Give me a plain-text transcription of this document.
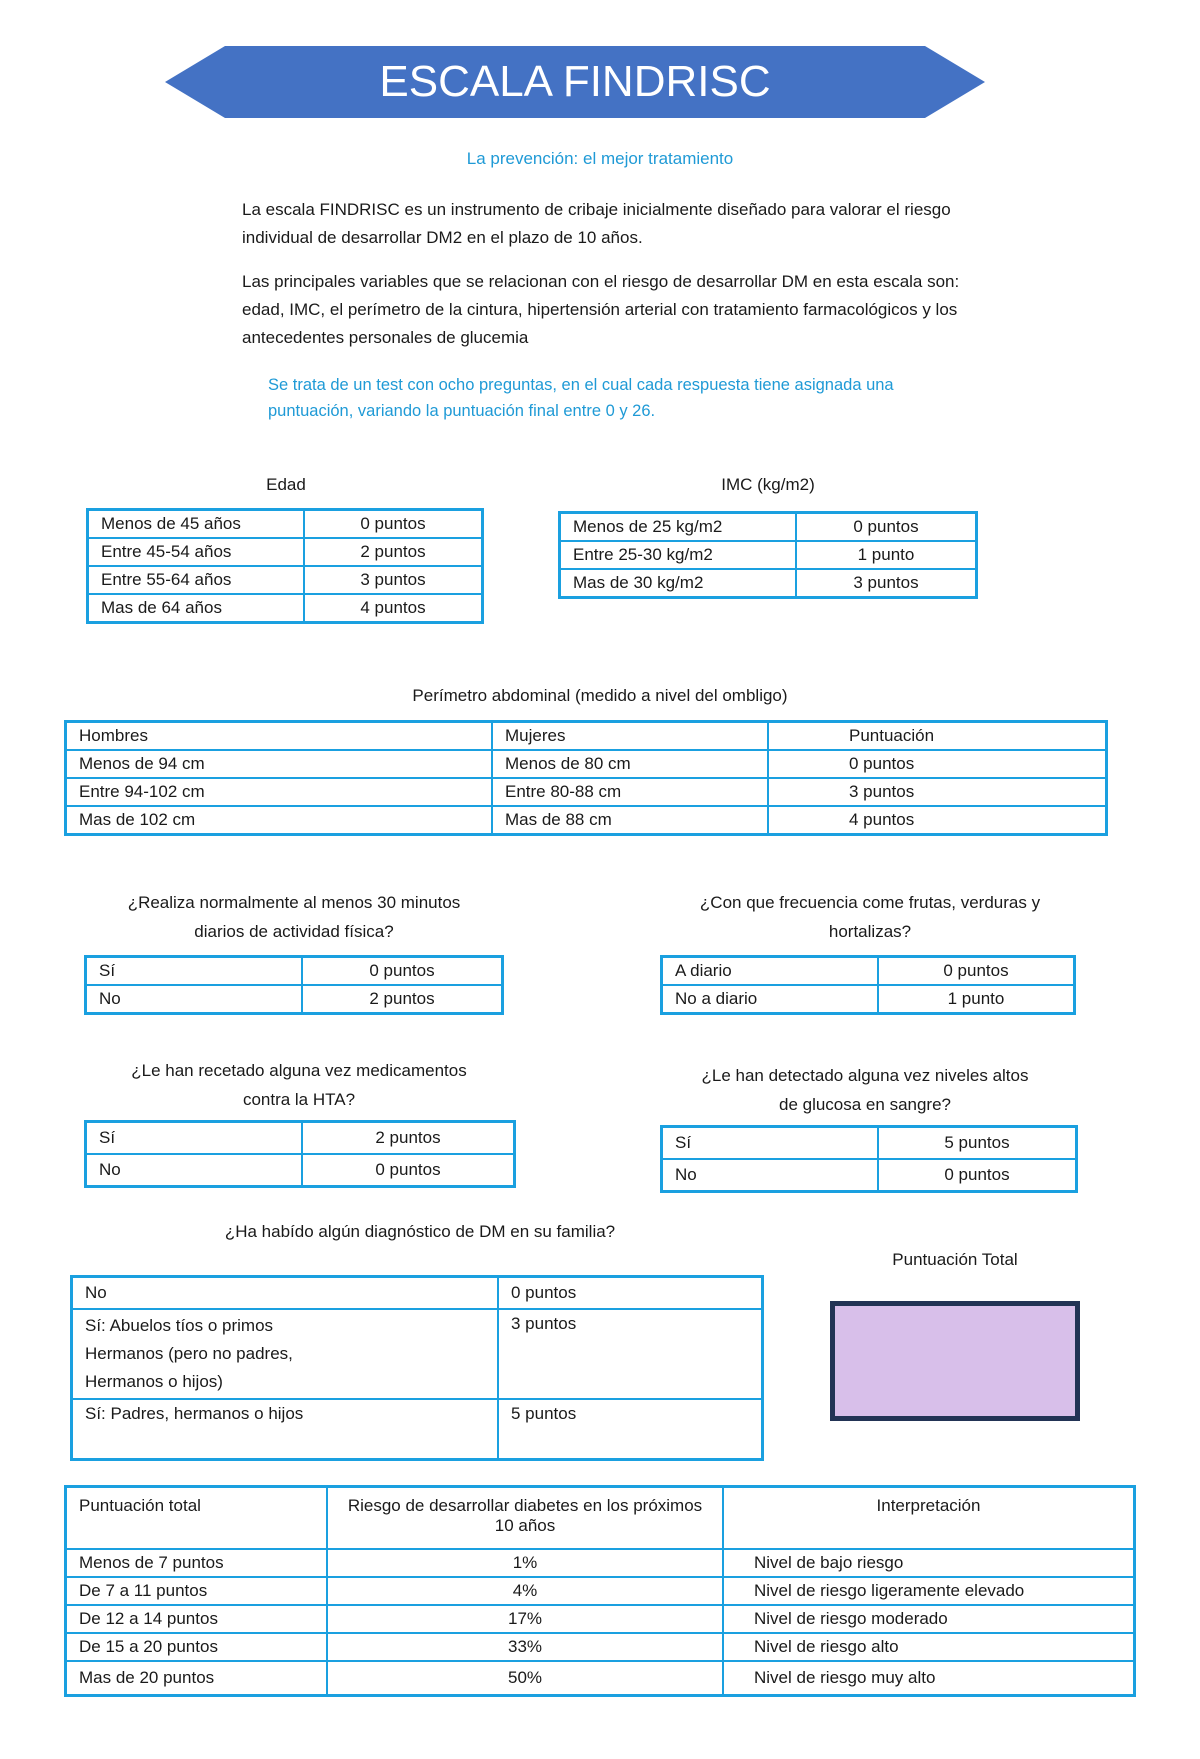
ESCALA FINDRISC
La prevención: el mejor tratamiento
La escala FINDRISC es un instrumento de cribaje inicialmente diseñado para valorar el riesgo individual de desarrollar DM2 en el plazo de 10 años.
Las principales variables que se relacionan con el riesgo de desarrollar DM en esta escala son: edad, IMC, el perímetro de la cintura, hipertensión arterial con tratamiento farmacológicos y los antecedentes personales de glucemia
Se trata de un test con ocho preguntas, en el cual cada respuesta tiene asignada una puntuación, variando la puntuación final entre 0 y 26.
Edad
Menos de 45 años	0 puntos
Entre 45-54 años	2 puntos
Entre 55-64 años	3 puntos
Mas de 64 años	4 puntos
IMC (kg/m2)
Menos de 25 kg/m2	0 puntos
Entre 25-30 kg/m2	1 punto
Mas de 30 kg/m2	3 puntos
Perímetro abdominal (medido a nivel del ombligo)
Hombres	Mujeres	Puntuación
Menos de 94 cm	Menos de 80 cm	0 puntos
Entre 94-102 cm	Entre 80-88 cm	3 puntos
Mas de 102 cm	Mas de 88 cm	4 puntos
¿Realiza normalmente al menos 30 minutos
diarios de actividad física?
Sí	0 puntos
No	2 puntos
¿Con que frecuencia come frutas, verduras y
hortalizas?
A diario	0 puntos
No a diario	1 punto
¿Le han recetado alguna vez medicamentos
contra la HTA?
Sí	2 puntos
No	0 puntos
¿Le han detectado alguna vez niveles altos
de glucosa en sangre?
Sí	5 puntos
No	0 puntos
¿Ha habído algún diagnóstico de DM en su familia?
No	0 puntos

Sí: Abuelos tíos o primos
Hermanos (pero no padres,
Hermanos o hijos)	3 puntos
Sí: Padres, hermanos o hijos	5 puntos
Puntuación Total
Puntuación total	Riesgo de desarrollar diabetes en los próximos 10 años	Interpretación
Menos de 7 puntos	1%	Nivel de bajo riesgo
De 7 a 11 puntos	4%	Nivel de riesgo ligeramente elevado
De 12 a 14 puntos	17%	Nivel de riesgo moderado
De 15 a 20 puntos	33%	Nivel de riesgo alto
Mas de 20 puntos	50%	Nivel de riesgo muy alto
